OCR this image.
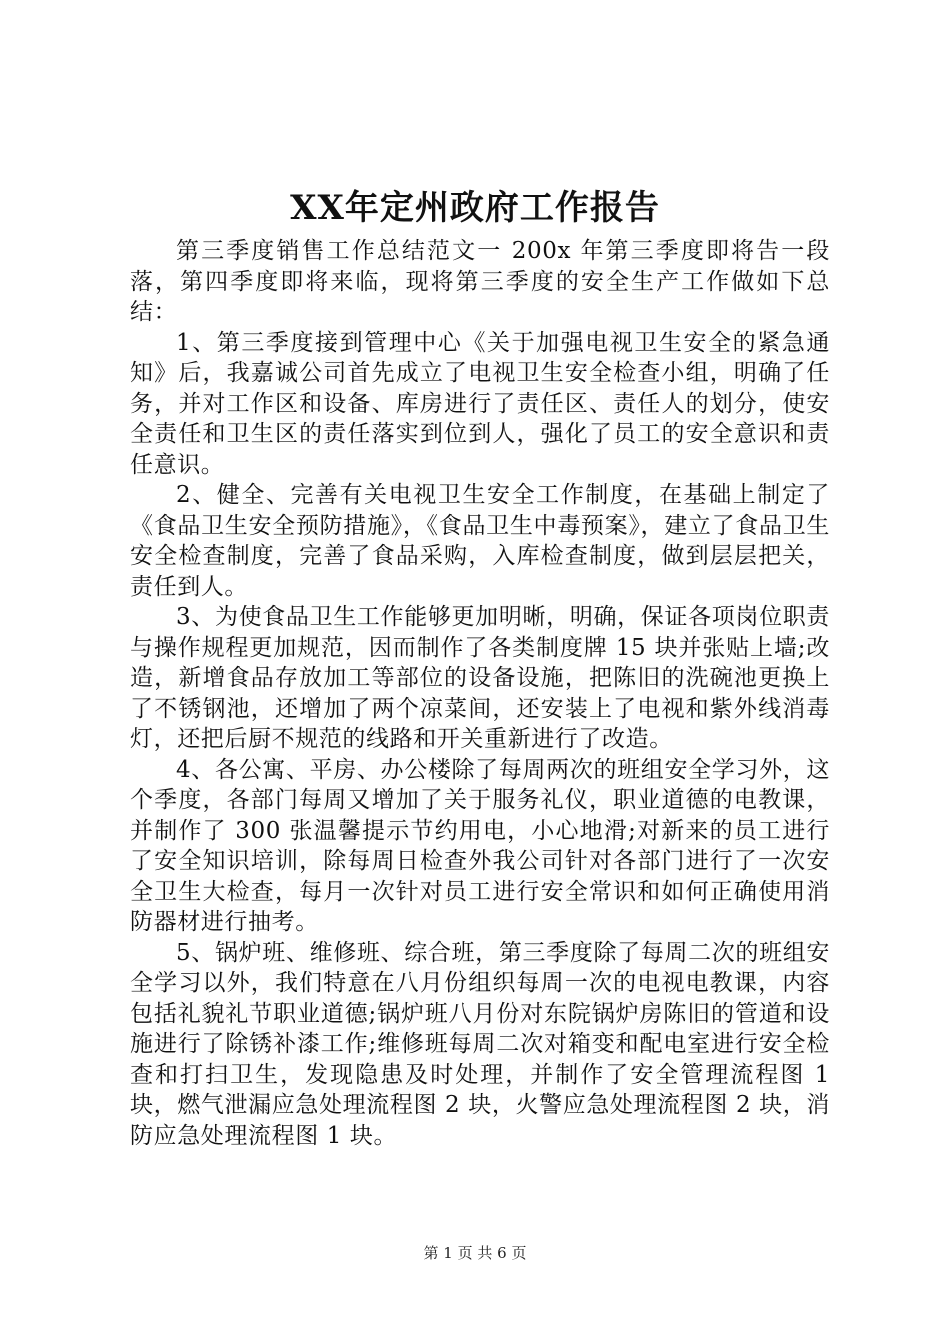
XX年定州政府工作报告

第三季度销售工作总结范文一 200x 年第三季度即将告一段落，第四季度即将来临，现将第三季度的安全生产工作做如下总结：

1、第三季度接到管理中心《关于加强电视卫生安全的紧急通知》后，我嘉诚公司首先成立了电视卫生安全检查小组，明确了任务，并对工作区和设备、库房进行了责任区、责任人的划分，使安全责任和卫生区的责任落实到位到人，强化了员工的安全意识和责任意识。

2、健全、完善有关电视卫生安全工作制度，在基础上制定了《食品卫生安全预防措施》，《食品卫生中毒预案》，建立了食品卫生安全检查制度，完善了食品采购，入库检查制度，做到层层把关，责任到人。

3、为使食品卫生工作能够更加明晰，明确，保证各项岗位职责与操作规程更加规范，因而制作了各类制度牌 15 块并张贴上墙;改造，新增食品存放加工等部位的设备设施，把陈旧的洗碗池更换上了不锈钢池，还增加了两个凉菜间，还安装上了电视和紫外线消毒灯，还把后厨不规范的线路和开关重新进行了改造。

4、各公寓、平房、办公楼除了每周两次的班组安全学习外，这个季度，各部门每周又增加了关于服务礼仪，职业道德的电教课，并制作了 300 张温馨提示节约用电，小心地滑;对新来的员工进行了安全知识培训，除每周日检查外我公司针对各部门进行了一次安全卫生大检查，每月一次针对员工进行安全常识和如何正确使用消防器材进行抽考。

5、锅炉班、维修班、综合班，第三季度除了每周二次的班组安全学习以外，我们特意在八月份组织每周一次的电视电教课，内容包括礼貌礼节职业道德;锅炉班八月份对东院锅炉房陈旧的管道和设施进行了除锈补漆工作;维修班每周二次对箱变和配电室进行安全检查和打扫卫生，发现隐患及时处理，并制作了安全管理流程图 1 块，燃气泄漏应急处理流程图 2 块，火警应急处理流程图 2 块，消防应急处理流程图 1 块。

第 1 页 共 6 页
